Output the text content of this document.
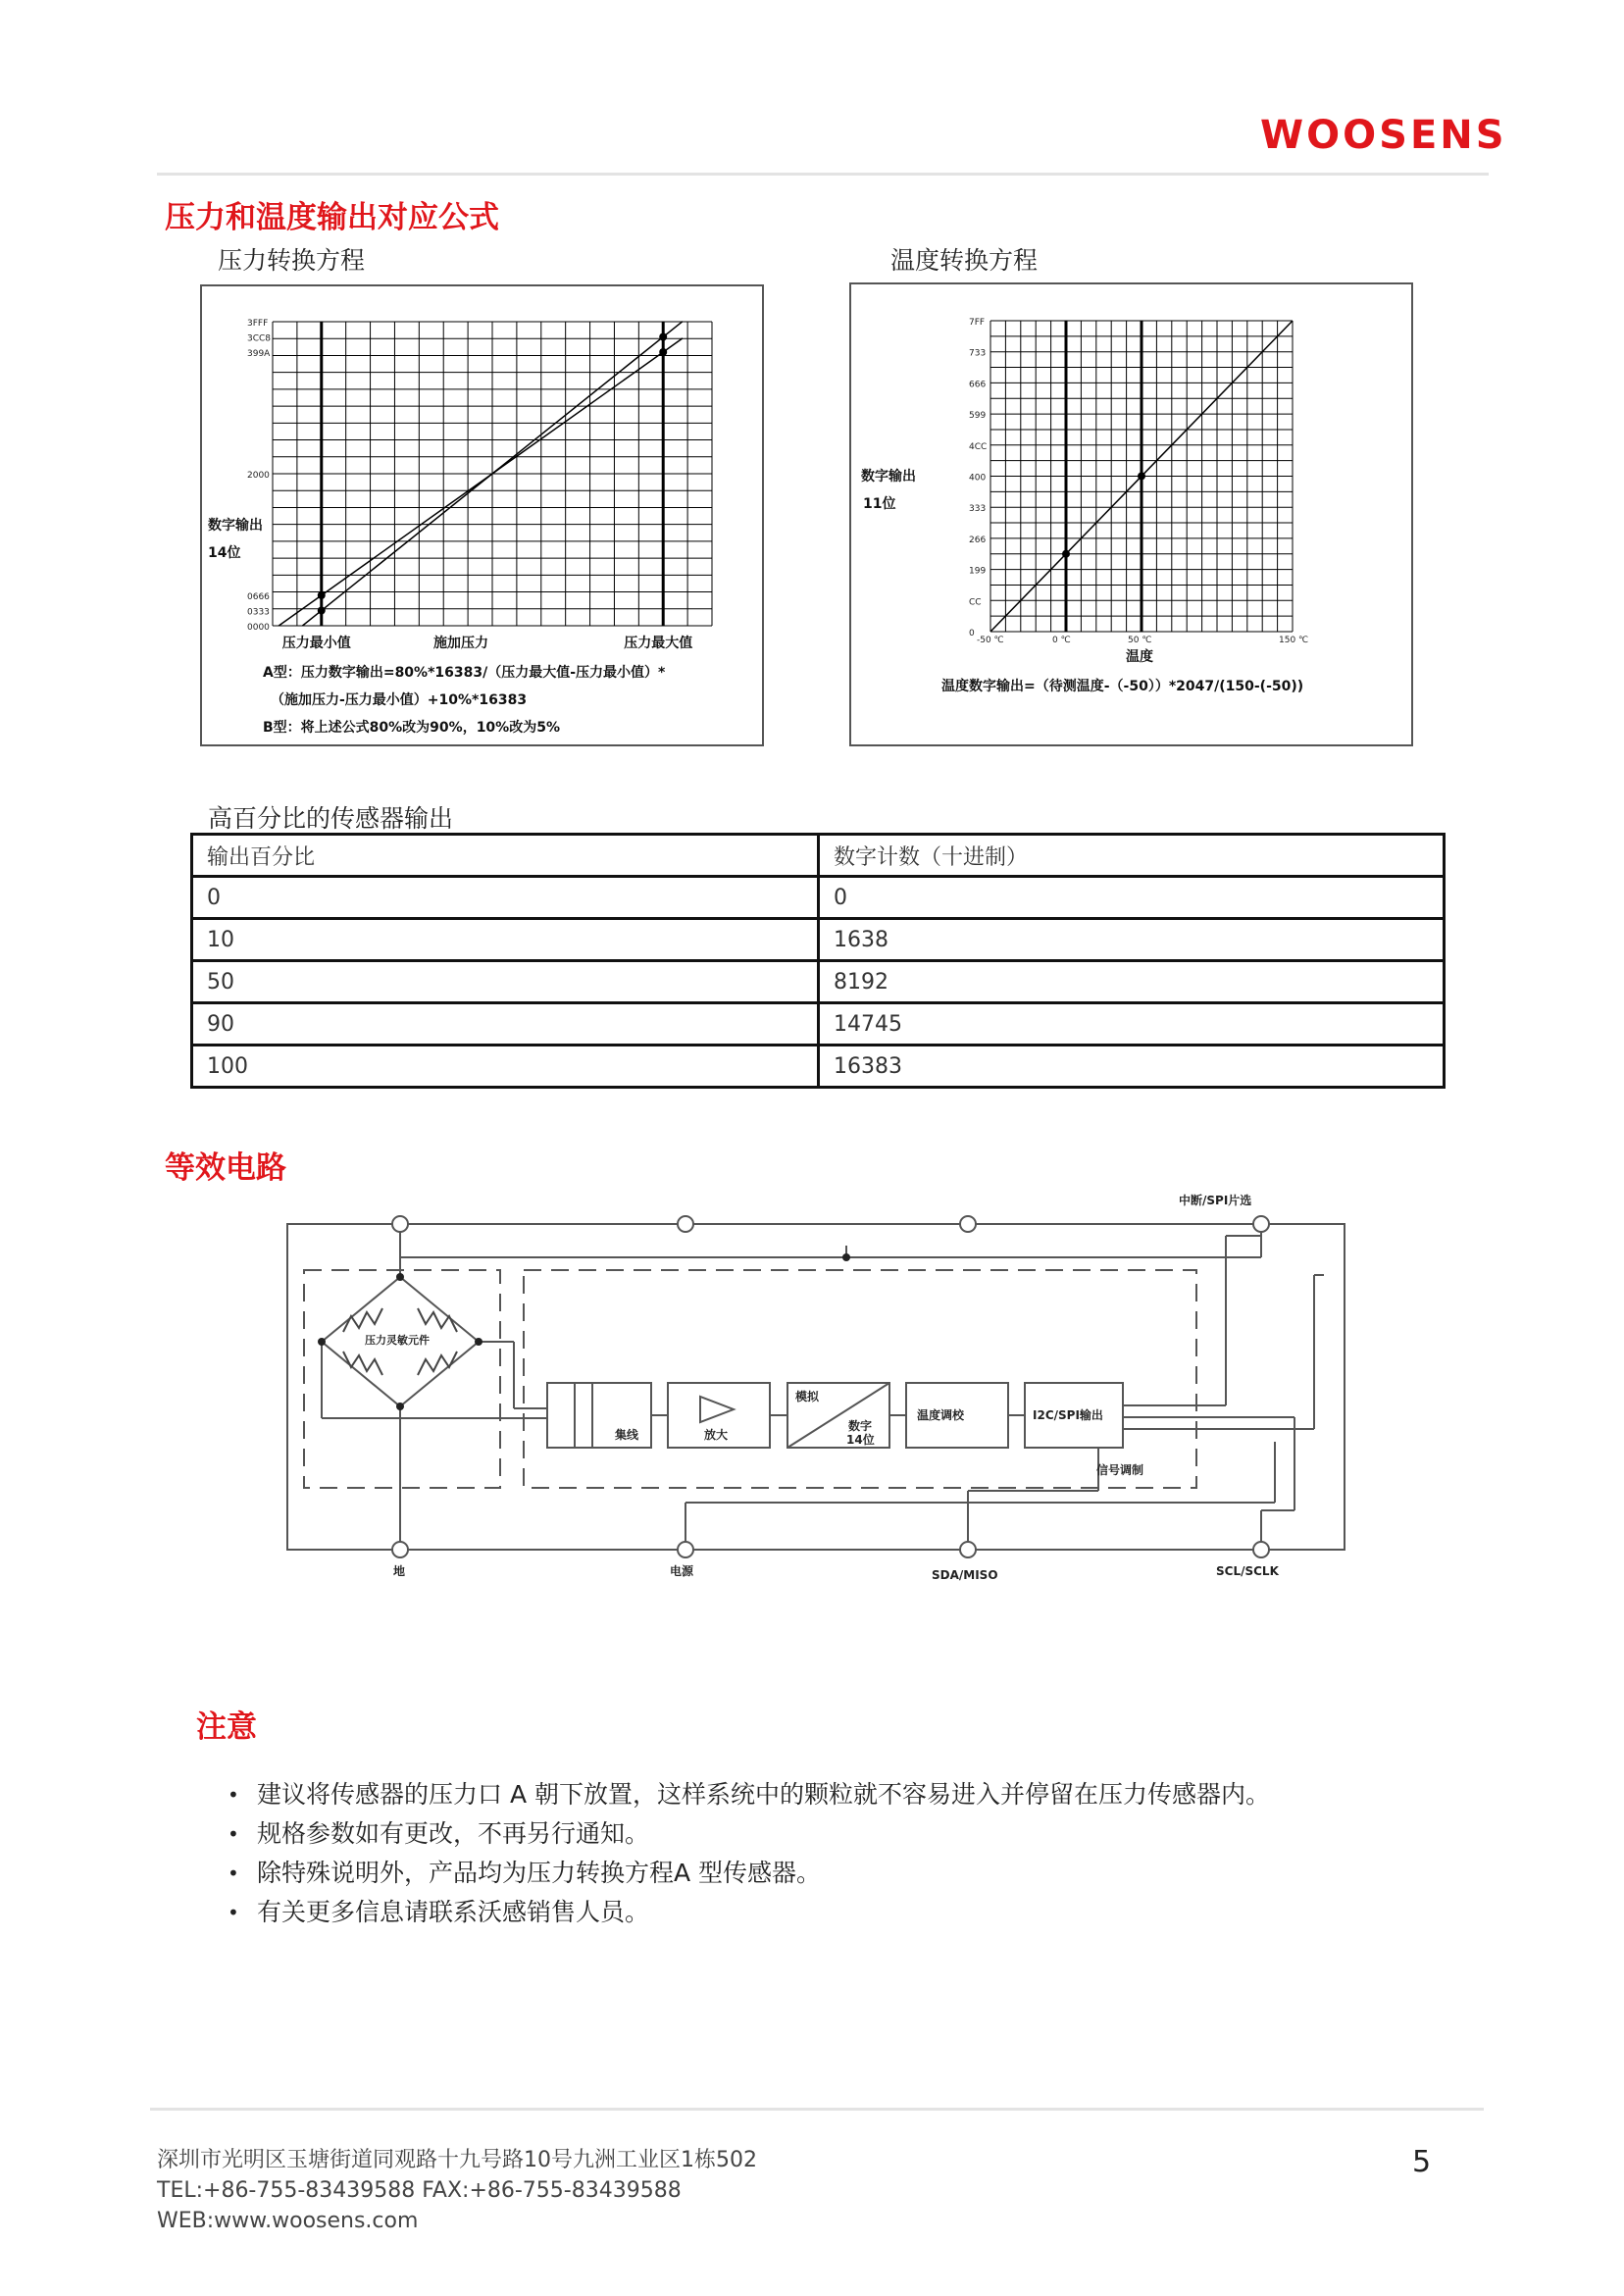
WOOSENS
压力和温度输出对应公式
压力转换方程	温度转换方程
3FFF
3CC8
399A
2000
0666
0333
0000
数字输出
14位
压力最小值	施加压力	压力最大值
A型：压力数字输出=80%*16383/（压力最大值-压力最小值）*
（施加压力-压力最小值）+10%*16383
B型：将上述公式80%改为90%，10%改为5%
7FF
733
666
599
4CC
400
333
266
199
CC
0
数字输出
11位
-50 ℃	0 ℃	50 ℃	150 ℃
温度
温度数字输出=（待测温度-（-50））*2047/(150-(-50))
高百分比的传感器输出
输出百分比	数字计数（十进制）
0	0
10	1638
50	8192
90	14745
100	16383
等效电路
压力灵敏元件
集线	放大
模拟
数字
14位
温度调校	I2C/SPI输出
信号调制
中断/SPI片选
地	电源	SDA/MISO	SCL/SCLK
注意
• 建议将传感器的压力口 A 朝下放置，这样系统中的颗粒就不容易进入并停留在压力传感器内。
• 规格参数如有更改，不再另行通知。
• 除特殊说明外，产品均为压力转换方程A 型传感器。
• 有关更多信息请联系沃感销售人员。
深圳市光明区玉塘街道同观路十九号路10号九洲工业区1栋502
TEL:+86-755-83439588 FAX:+86-755-83439588
WEB:www.woosens.com
5
